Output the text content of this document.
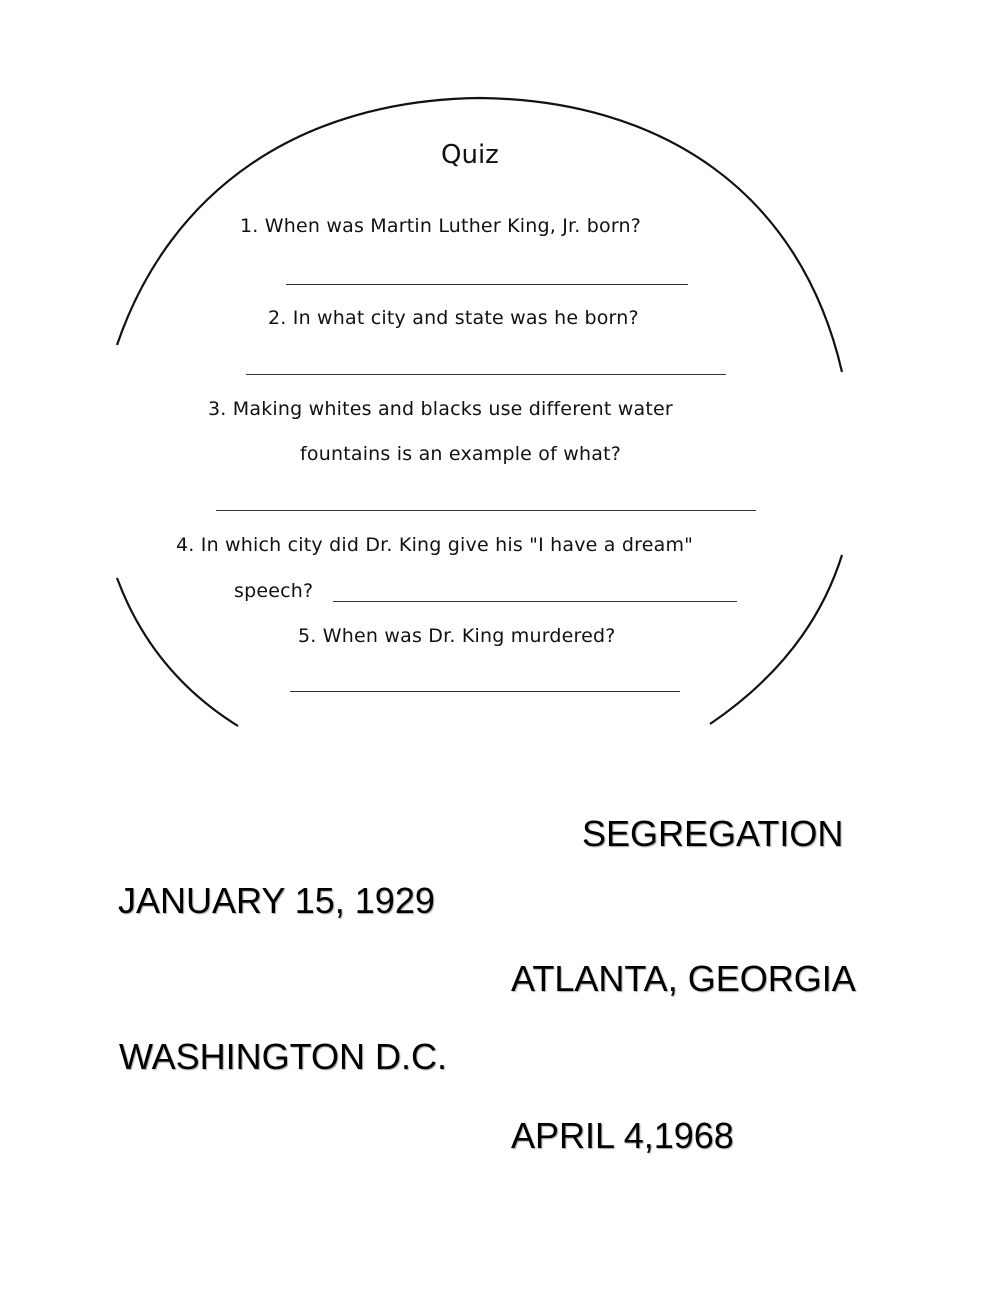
Quiz
1. When was Martin Luther King, Jr. born?
2. In what city and state was he born?
3. Making whites and blacks use different water
fountains is an example of what?
4. In which city did Dr. King give his "I have a dream"
speech?
5. When was Dr. King murdered?
SEGREGATION
JANUARY 15, 1929
ATLANTA, GEORGIA
WASHINGTON D.C.
APRIL 4,1968
